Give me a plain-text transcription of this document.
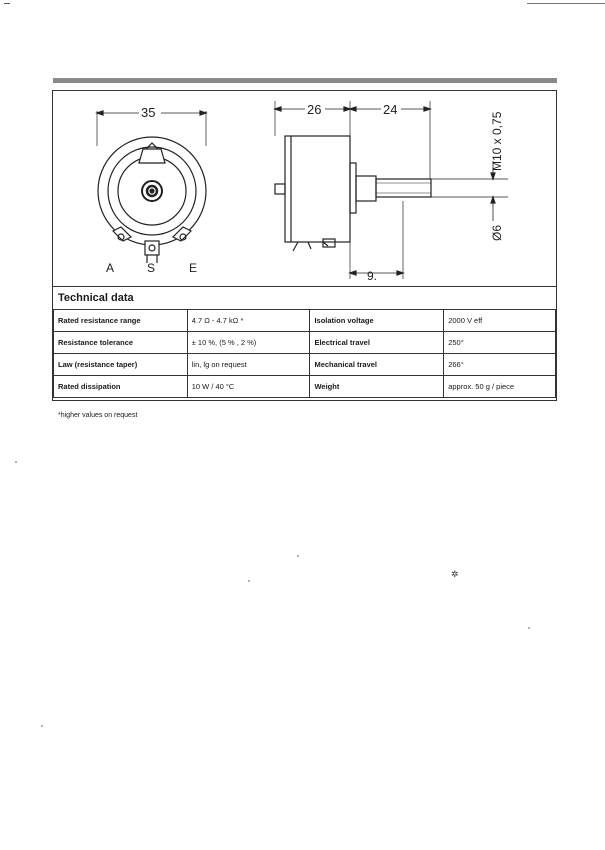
35
A	S	E
26	24
M10 x 0,75
Ø6
9.
Technical data
Rated resistance range	4.7 Ω - 4.7 kΩ *	Isolation voltage	2000 V eff
Resistance tolerance	± 10 %, (5 % , 2 %)	Electrical travel	250°
Law (resistance taper)	lin, lg on request	Mechanical travel	266°
Rated dissipation	10 W / 40 °C	Weight	approx. 50 g / piece
*higher values on request
✲
